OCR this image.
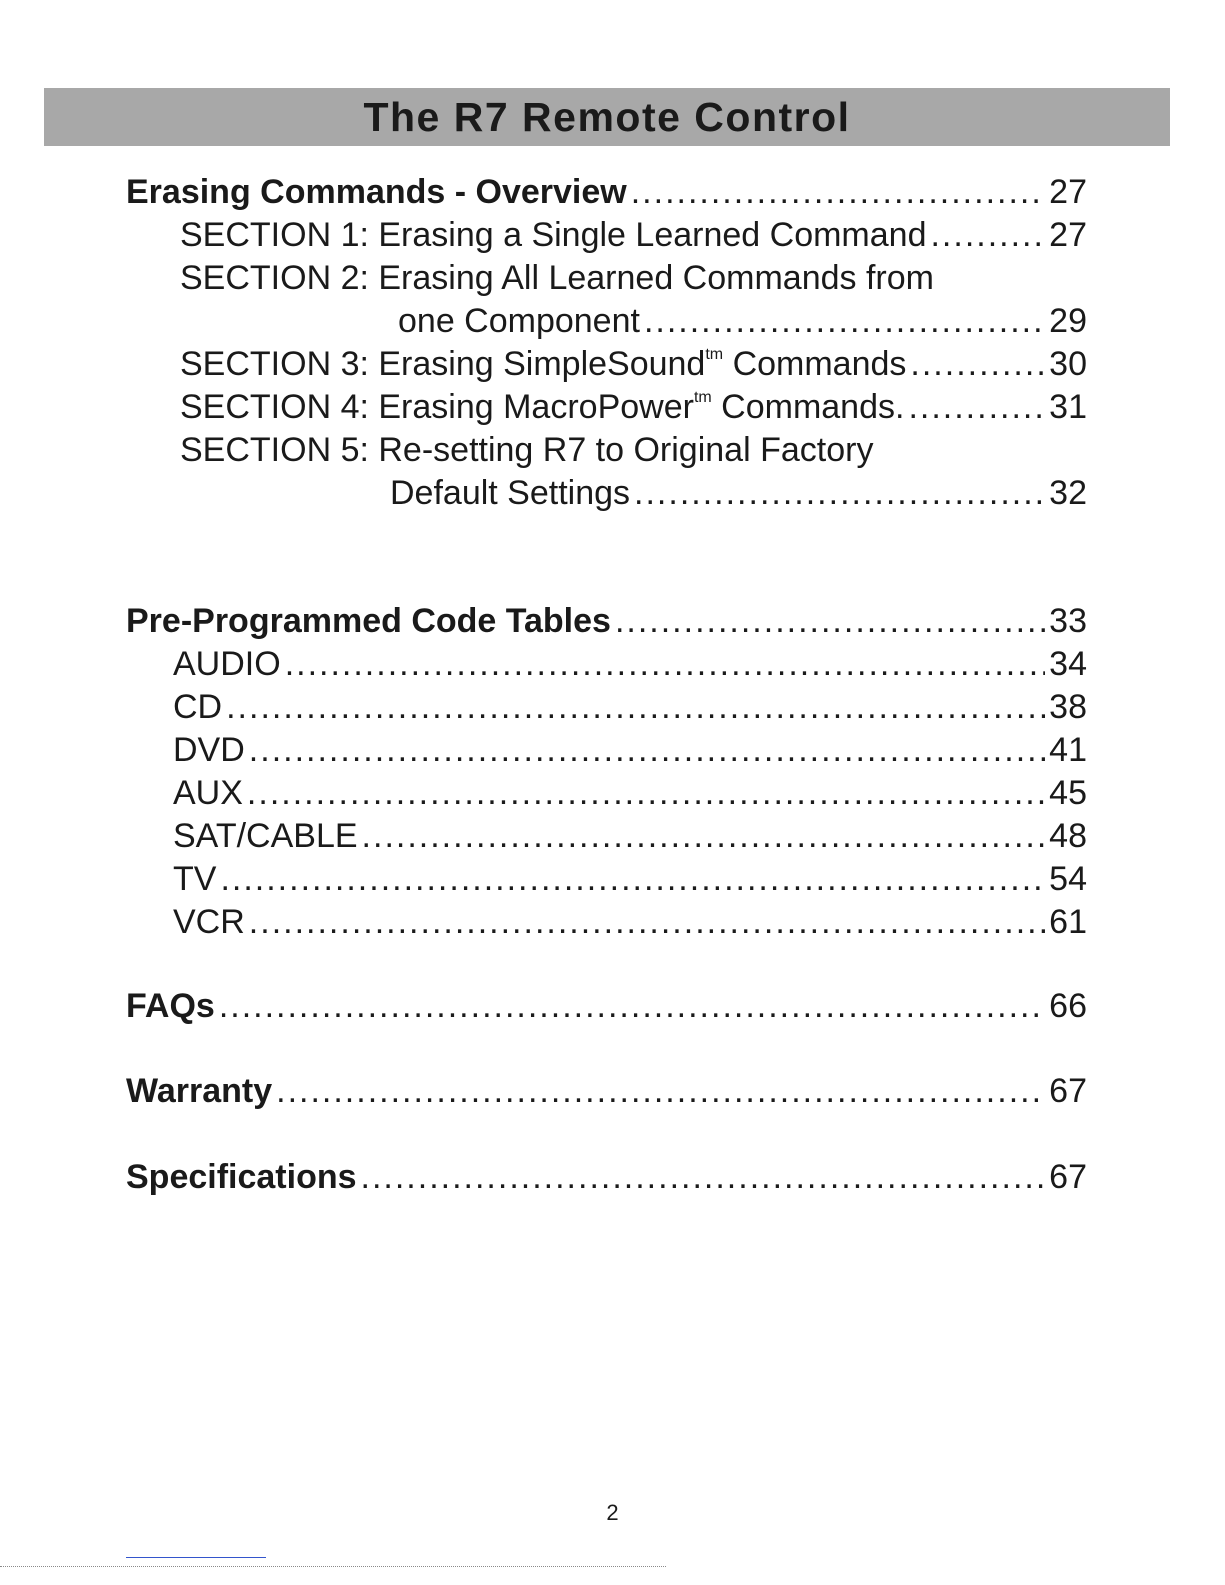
The R7 Remote Control
Erasing Commands - Overview .....	27
SECTION 1: Erasing a Single Learned Command .....	27
SECTION 2: Erasing All Learned Commands from
one Component .....	29
SECTION 3: Erasing SimpleSound$^{tm}$ Commands .....	30
SECTION 4: Erasing MacroPower$^{tm}$ Commands. .....	31
SECTION 5: Re-setting R7 to Original Factory
Default Settings .....	32
Pre-Programmed Code Tables .....	33
AUDIO .....	34
CD .....	38
DVD .....	41
AUX .....	45
SAT/CABLE .....	48
TV .....	54
VCR .....	61
FAQs .....	66
Warranty .....	67
Specifications .....	67
2
